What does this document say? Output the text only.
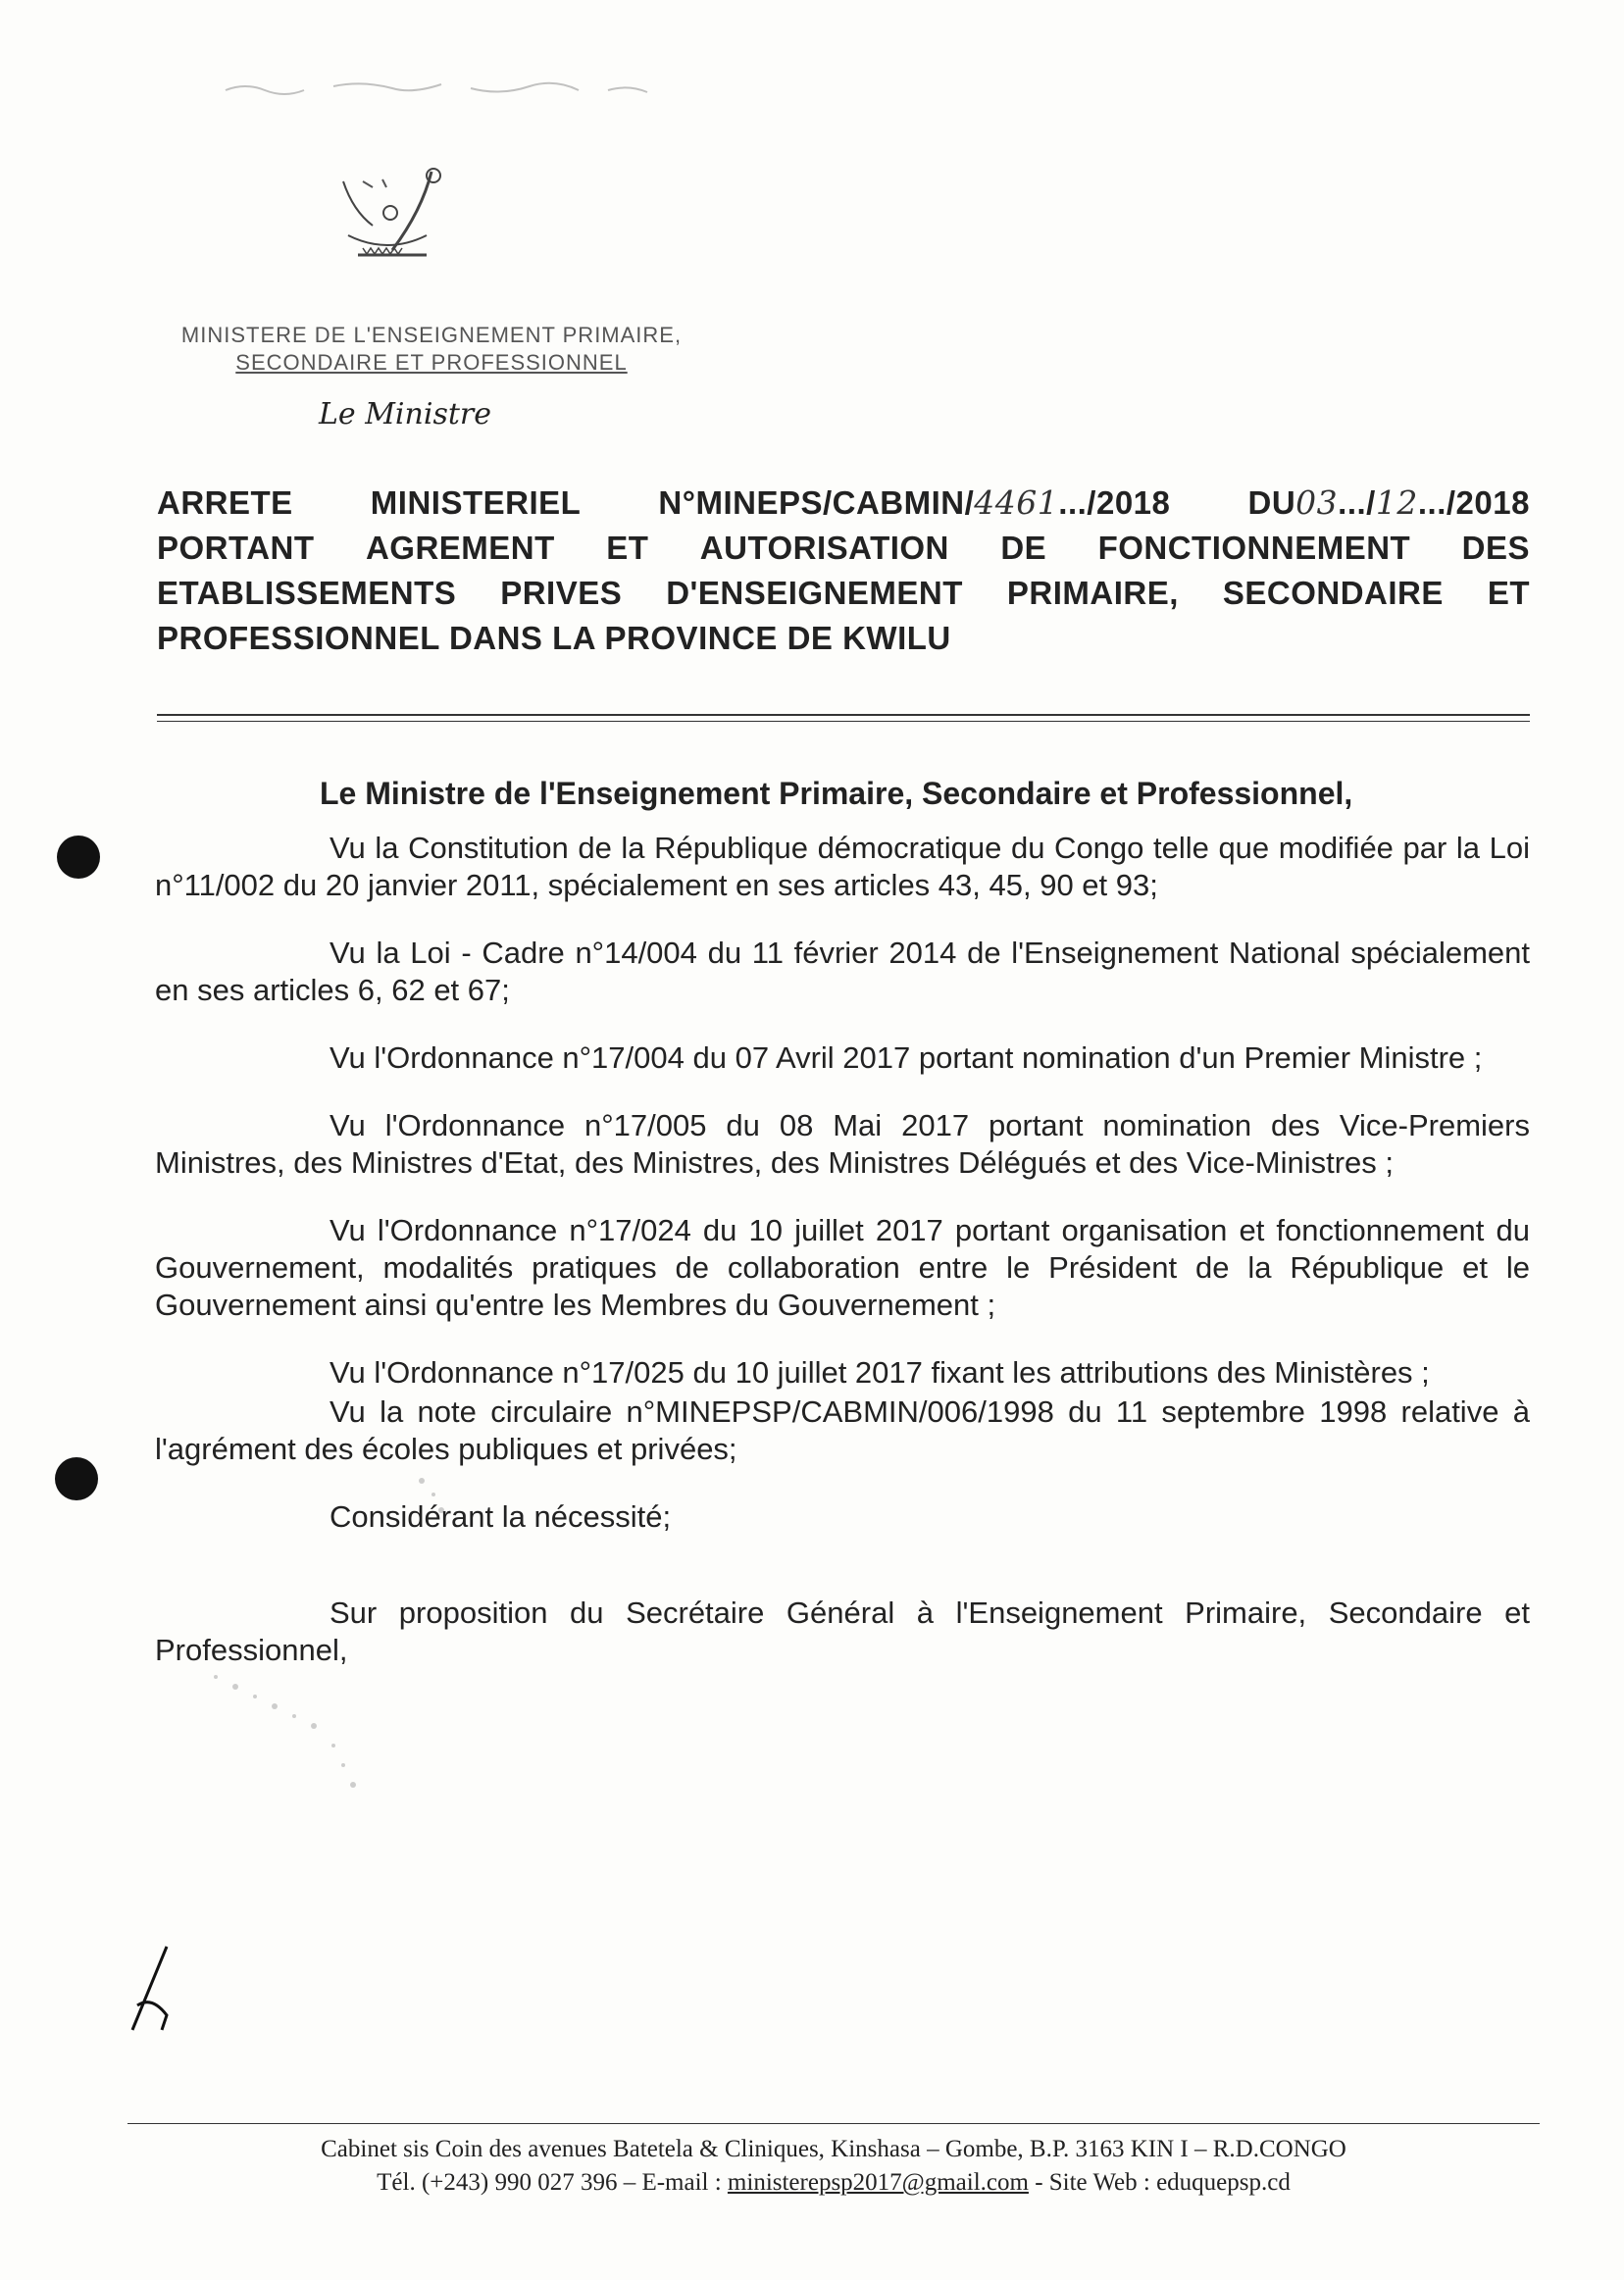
MINISTERE DE L'ENSEIGNEMENT PRIMAIRE,
SECONDAIRE ET PROFESSIONNEL
Le Ministre
ARRETE MINISTERIEL N°MINEPS/CABMIN/4461.../2018 DU03.../12.../2018
PORTANT AGREMENT ET AUTORISATION DE FONCTIONNEMENT DES
ETABLISSEMENTS PRIVES D'ENSEIGNEMENT PRIMAIRE, SECONDAIRE ET
PROFESSIONNEL DANS LA PROVINCE DE KWILU
Le Ministre de l'Enseignement Primaire, Secondaire et Professionnel,

Vu la Constitution de la République démocratique du Congo telle que modifiée par la Loi n°11/002 du 20 janvier 2011, spécialement en ses articles 43, 45, 90 et 93;

Vu la Loi - Cadre n°14/004 du 11 février 2014 de l'Enseignement National spécialement en ses articles 6, 62 et 67;

Vu l'Ordonnance n°17/004 du 07 Avril 2017 portant nomination d'un Premier Ministre ;

Vu l'Ordonnance n°17/005 du 08 Mai 2017 portant nomination des Vice-Premiers Ministres, des Ministres d'Etat, des Ministres, des Ministres Délégués et des Vice-Ministres ;

Vu l'Ordonnance n°17/024 du 10 juillet 2017 portant organisation et fonctionnement du Gouvernement, modalités pratiques de collaboration entre le Président de la République et le Gouvernement ainsi qu'entre les Membres du Gouvernement ;

Vu l'Ordonnance n°17/025 du 10 juillet 2017 fixant les attributions des Ministères ;

Vu la note circulaire n°MINEPSP/CABMIN/006/1998 du 11 septembre 1998 relative à l'agrément des écoles publiques et privées;

Considérant la nécessité;

Sur proposition du Secrétaire Général à l'Enseignement Primaire, Secondaire et Professionnel,

Cabinet sis Coin des avenues Batetela & Cliniques, Kinshasa – Gombe, B.P. 3163 KIN I – R.D.CONGO
Tél. (+243) 990 027 396 – E-mail : ministerepsp2017@gmail.com - Site Web : eduquepsp.cd
